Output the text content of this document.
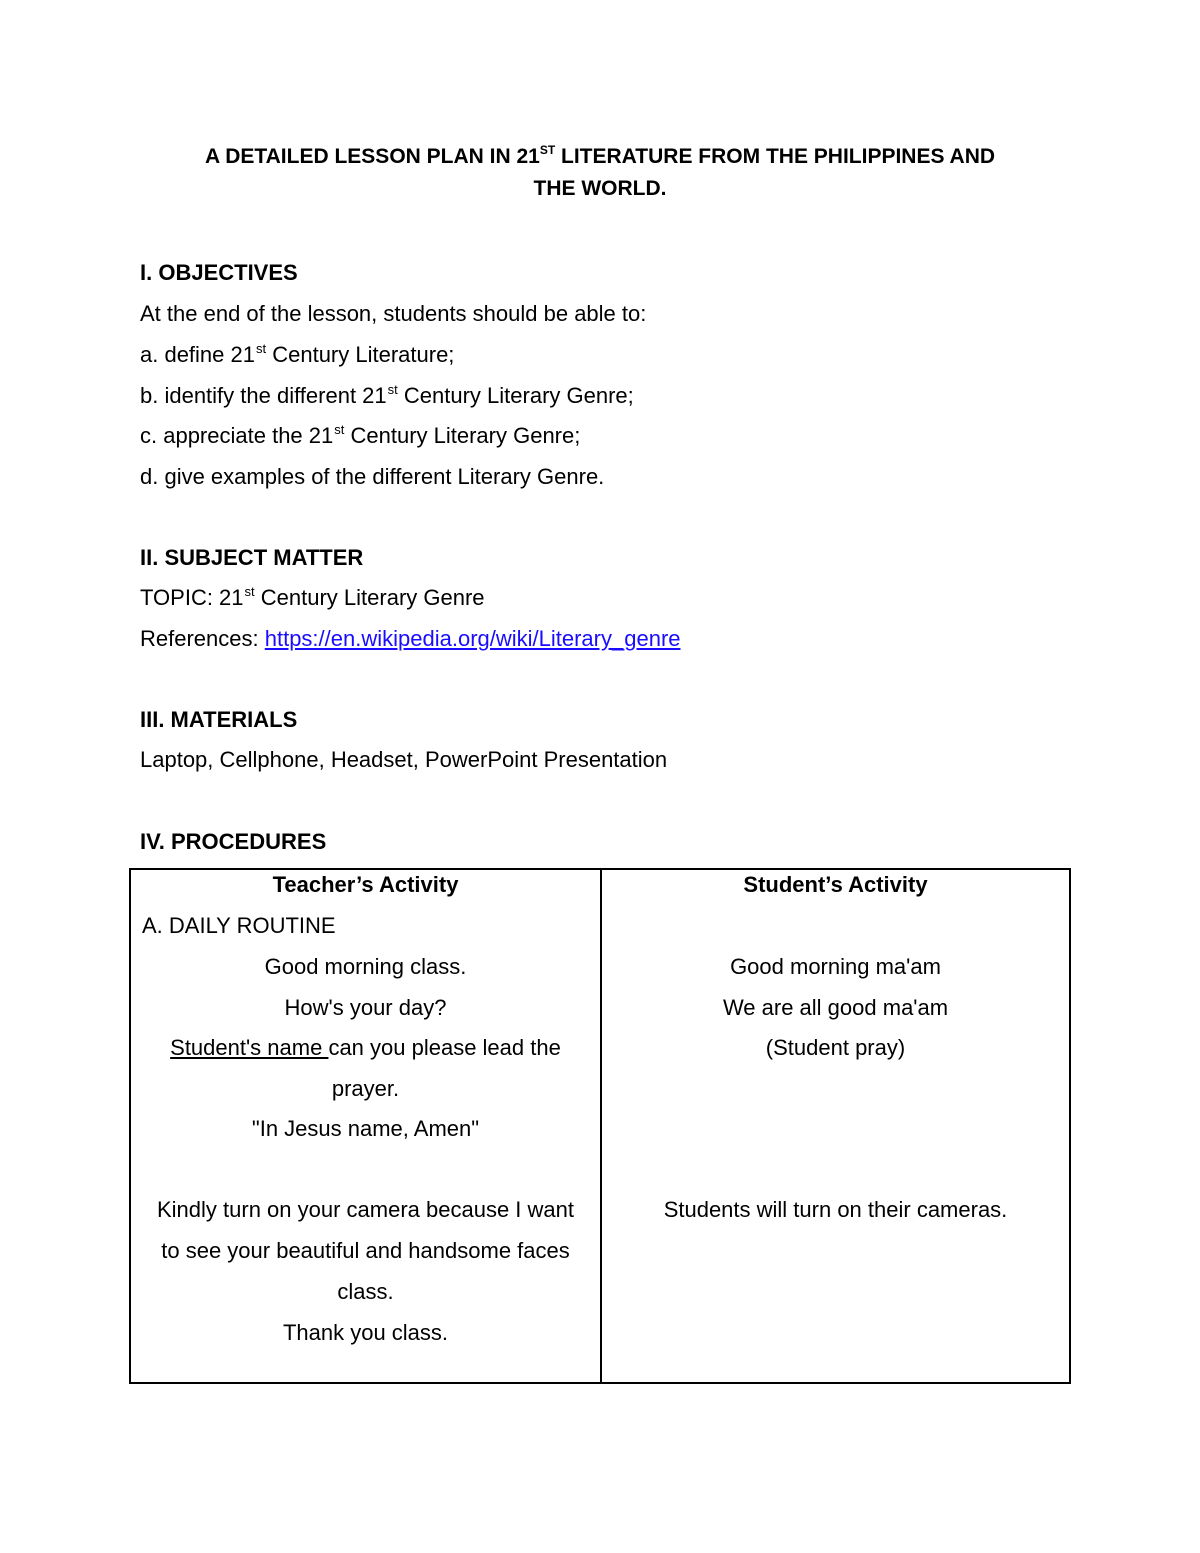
A DETAILED LESSON PLAN IN 21ST LITERATURE FROM THE PHILIPPINES AND
THE WORLD.
I. OBJECTIVES
At the end of the lesson, students should be able to:
a. define 21st Century Literature;
b. identify the different 21st Century Literary Genre;
c. appreciate the 21st Century Literary Genre;
d. give examples of the different Literary Genre.
II. SUBJECT MATTER
TOPIC: 21st Century Literary Genre
References: https://en.wikipedia.org/wiki/Literary_genre
III. MATERIALS
Laptop, Cellphone, Headset, PowerPoint Presentation
IV. PROCEDURES
Teacher’s Activity
A. DAILY ROUTINE
Good morning class.
How's your day?
Student's name can you please lead the
prayer.
"In Jesus name, Amen"
Kindly turn on your camera because I want
to see your beautiful and handsome faces
class.
Thank you class.
Student’s Activity
Good morning ma'am
We are all good ma'am
(Student pray)
Students will turn on their cameras.
